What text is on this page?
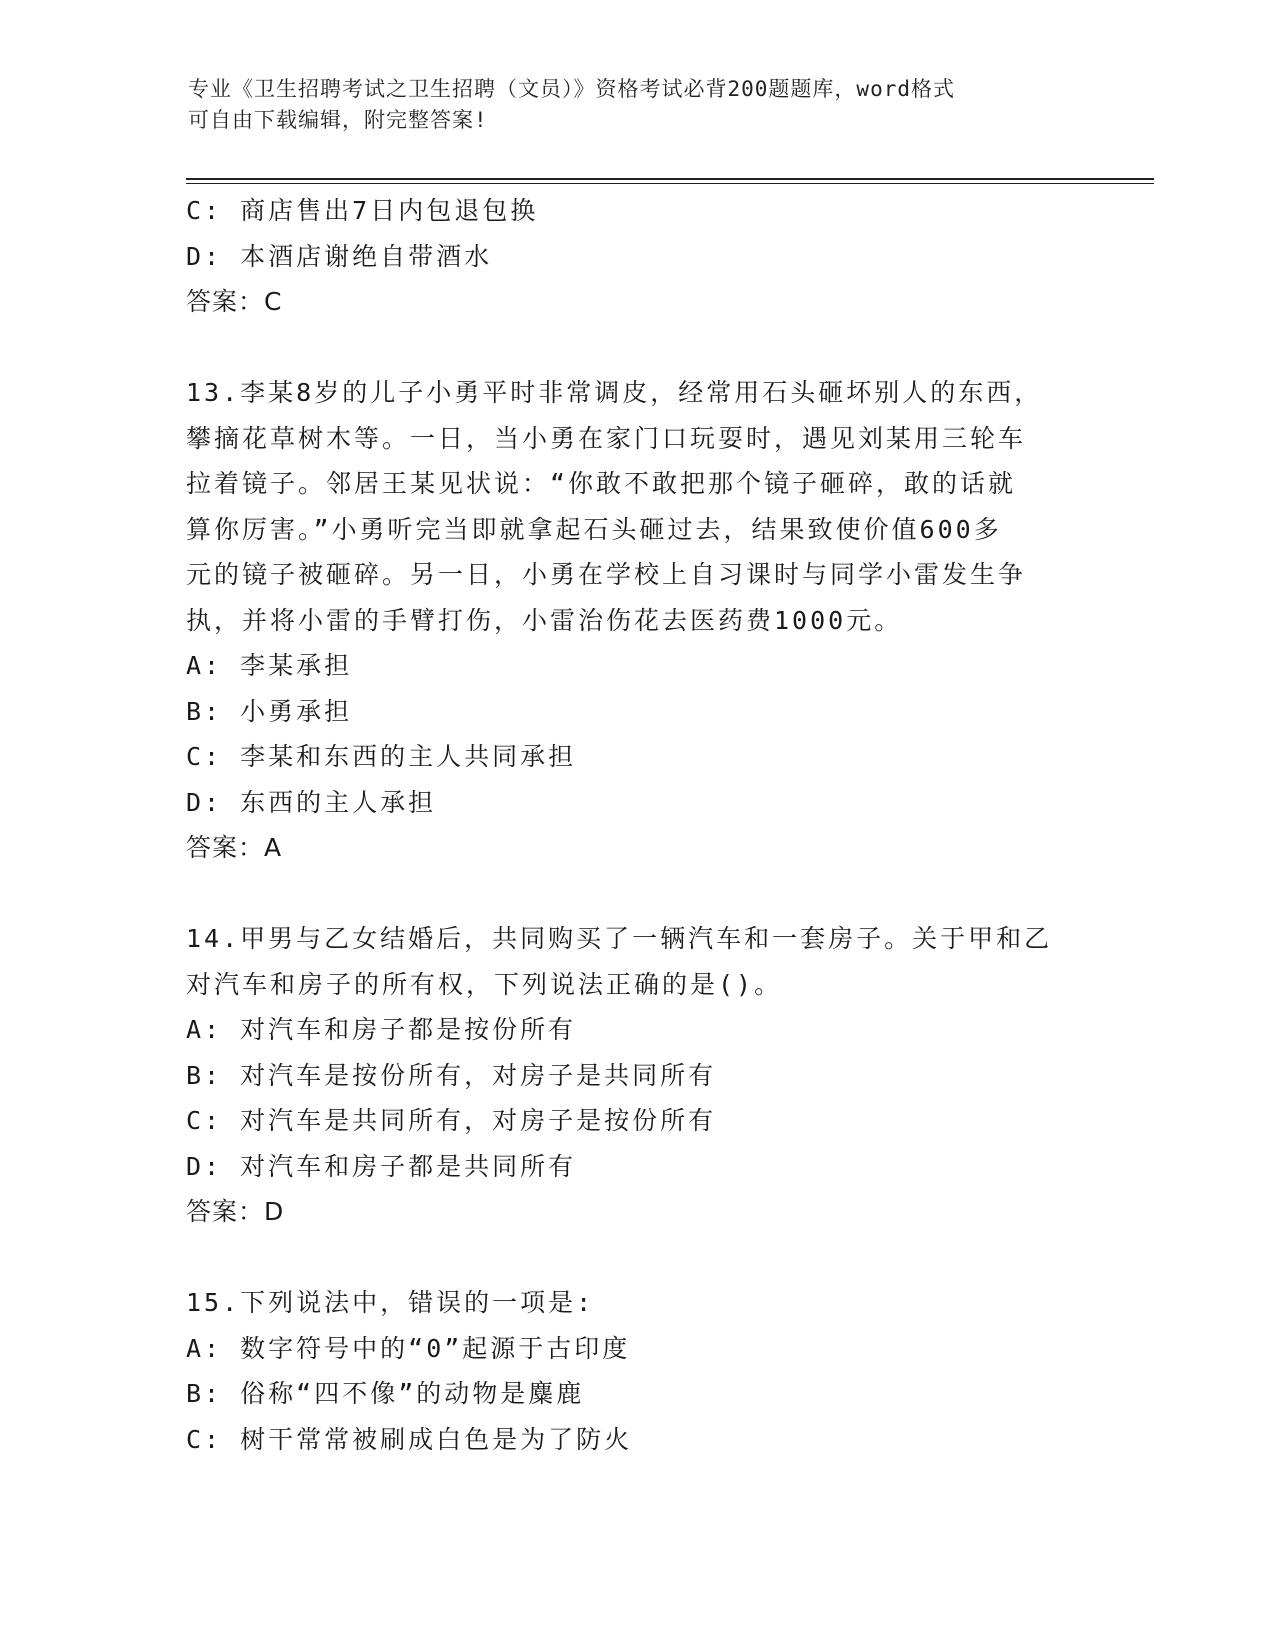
专业《卫生招聘考试之卫生招聘（文员）》资格考试必背200题题库，word格式
可自由下载编辑，附完整答案!
C: 商店售出7日内包退包换
D: 本酒店谢绝自带酒水
答案：C
13.李某8岁的儿子小勇平时非常调皮，经常用石头砸坏别人的东西，
攀摘花草树木等。一日，当小勇在家门口玩耍时，遇见刘某用三轮车
拉着镜子。邻居王某见状说：“你敢不敢把那个镜子砸碎，敢的话就
算你厉害。”小勇听完当即就拿起石头砸过去，结果致使价值600多
元的镜子被砸碎。另一日，小勇在学校上自习课时与同学小雷发生争
执，并将小雷的手臂打伤，小雷治伤花去医药费1000元。
A: 李某承担
B: 小勇承担
C: 李某和东西的主人共同承担
D: 东西的主人承担
答案：A
14.甲男与乙女结婚后，共同购买了一辆汽车和一套房子。关于甲和乙
对汽车和房子的所有权，下列说法正确的是()。
A: 对汽车和房子都是按份所有
B: 对汽车是按份所有，对房子是共同所有
C: 对汽车是共同所有，对房子是按份所有
D: 对汽车和房子都是共同所有
答案：D
15.下列说法中，错误的一项是:
A: 数字符号中的“0”起源于古印度
B: 俗称“四不像”的动物是麋鹿
C: 树干常常被刷成白色是为了防火
